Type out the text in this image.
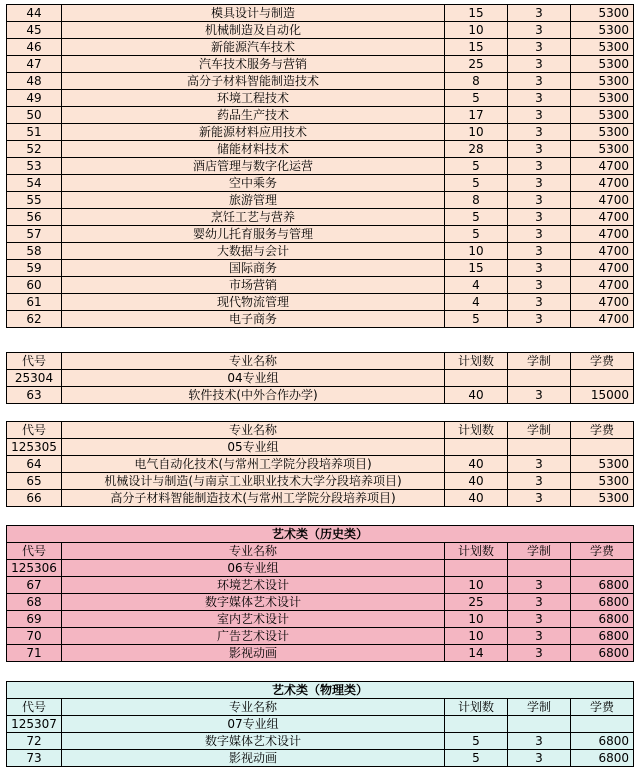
44	模具设计与制造	15	3	5300
45	机械制造及自动化	10	3	5300
46	新能源汽车技术	15	3	5300
47	汽车技术服务与营销	25	3	5300
48	高分子材料智能制造技术	8	3	5300
49	环境工程技术	5	3	5300
50	药品生产技术	17	3	5300
51	新能源材料应用技术	10	3	5300
52	储能材料技术	28	3	5300
53	酒店管理与数字化运营	5	3	4700
54	空中乘务	5	3	4700
55	旅游管理	8	3	4700
56	烹饪工艺与营养	5	3	4700
57	婴幼儿托育服务与管理	5	3	4700
58	大数据与会计	10	3	4700
59	国际商务	15	3	4700
60	市场营销	4	3	4700
61	现代物流管理	4	3	4700
62	电子商务	5	3	4700
代号	专业名称	计划数	学制	学费
25304	04专业组			
63	软件技术(中外合作办学)	40	3	15000
代号	专业名称	计划数	学制	学费
125305	05专业组			
64	电气自动化技术(与常州工学院分段培养项目)	40	3	5300
65	机械设计与制造(与南京工业职业技术大学分段培养项目)	40	3	5300
66	高分子材料智能制造技术(与常州工学院分段培养项目)	40	3	5300
艺术类（历史类）				
代号	专业名称	计划数	学制	学费
125306	06专业组			
67	环境艺术设计	10	3	6800
68	数字媒体艺术设计	25	3	6800
69	室内艺术设计	10	3	6800
70	广告艺术设计	10	3	6800
71	影视动画	14	3	6800
艺术类（物理类）				
代号	专业名称	计划数	学制	学费
125307	07专业组			
72	数字媒体艺术设计	5	3	6800
73	影视动画	5	3	6800
